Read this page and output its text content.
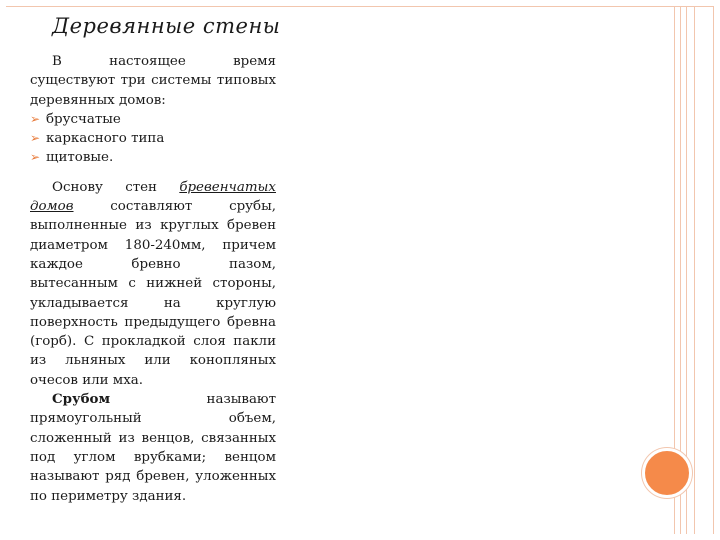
Деревянные стены

В настоящее время существуют три системы типовых деревянных домов:

➢ брусчатые
➢ каркасного типа
➢ щитовые.

Основу стен бревенчатых домов составляют срубы, выполненные из круглых бревен диаметром 180-240мм, причем каждое бревно пазом, вытесанным с нижней стороны, укладывается на круглую поверхность предыдущего бревна (горб). С прокладкой слоя пакли из льняных или конопляных очесов или мха.

Срубом называют прямоугольный объем, сложенный из венцов, связанных под углом врубками; венцом называют ряд бревен, уложенных по периметру здания.
